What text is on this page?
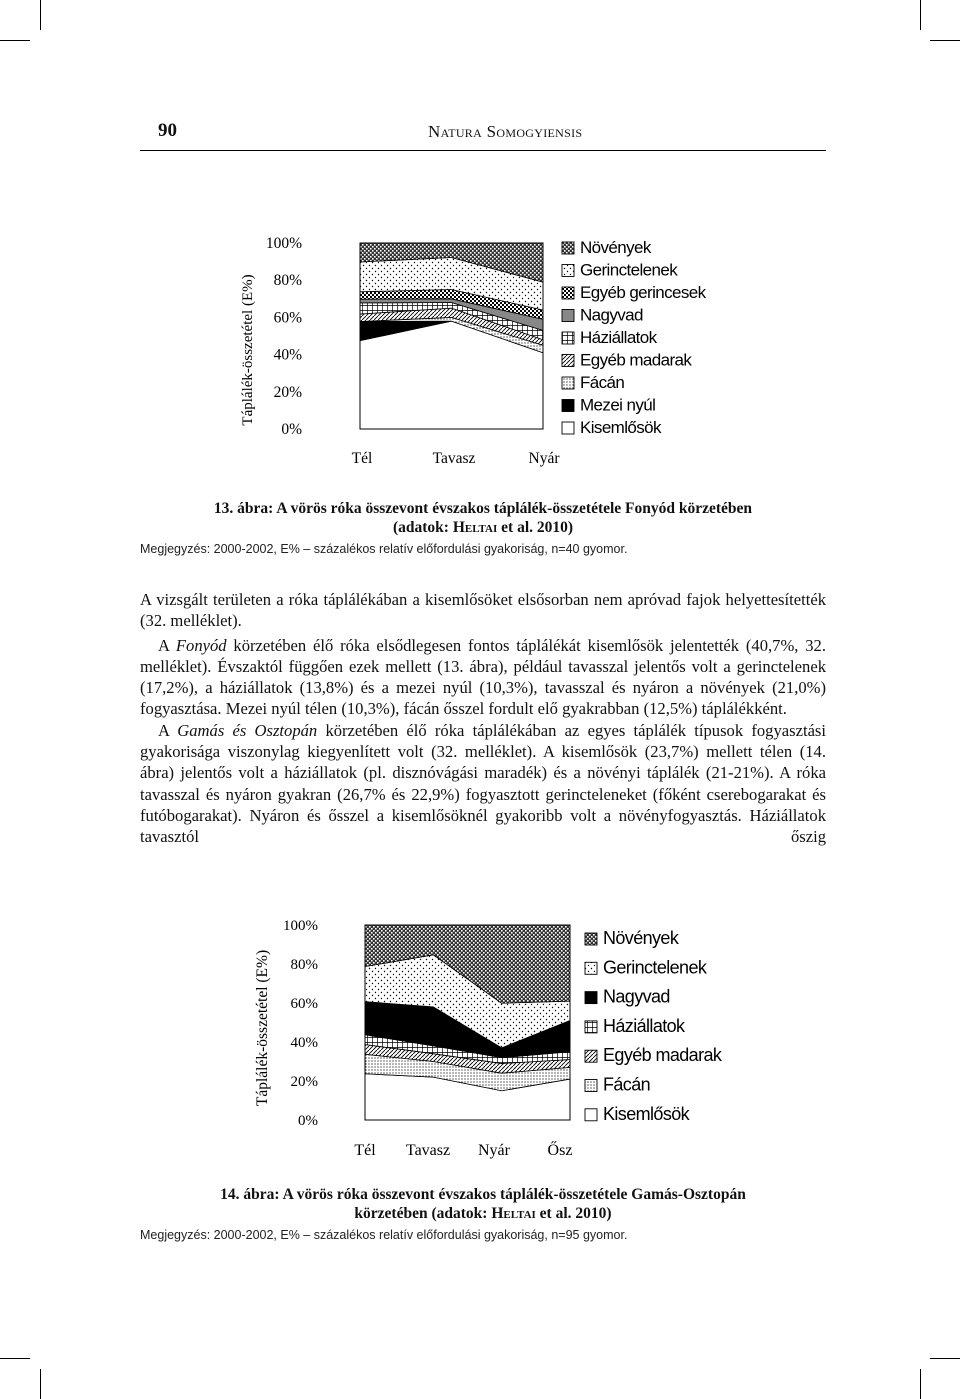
90	Natura Somogyiensis
Táplálék-összetétel (E%)
0%
20%
40%
60%
80%
100%
Tél	Tavasz	Nyár
Növények
Gerinctelenek
Egyéb gerincesek
Nagyvad
Háziállatok
Egyéb madarak
Fácán
Mezei nyúl
Kisemlősök
13. ábra: A vörös róka összevont évszakos táplálék-összetétele Fonyód körzetében
(adatok: Heltai et al. 2010)
Megjegyzés: 2000-2002, E% – százalékos relatív előfordulási gyakoriság, n=40 gyomor.

A vizsgált területen a róka táplálékában a kisemlősöket elsősorban nem apróvad fajok helyettesítették (32. melléklet).

A Fonyód körzetében élő róka elsődlegesen fontos táplálékát kisemlősök jelentették (40,7%, 32. melléklet). Évszaktól függően ezek mellett (13. ábra), például tavasszal jelentős volt a gerinctelenek (17,2%), a háziállatok (13,8%) és a mezei nyúl (10,3%), tavasszal és nyáron a növények (21,0%) fogyasztása. Mezei nyúl télen (10,3%), fácán ősszel fordult elő gyakrabban (12,5%) táplálékként.

A Gamás és Osztopán körzetében élő róka táplálékában az egyes táplálék típusok fogyasztási gyakorisága viszonylag kiegyenlített volt (32. melléklet). A kisemlősök (23,7%) mellett télen (14. ábra) jelentős volt a háziállatok (pl. disznóvágási maradék) és a növényi táplálék (21-21%). A róka tavasszal és nyáron gyakran (26,7% és 22,9%) fogyasztott gerincteleneket (főként cserebogarakat és futóbogarakat). Nyáron és ősszel a kisemlősöknél gyakoribb volt a növényfogyasztás. Háziállatok tavasztól őszig

Táplálék-összetétel (E%)
0%
20%
40%
60%
80%
100%
Tél Tavasz Nyár Ősz
Növények
Gerinctelenek
Nagyvad
Háziállatok
Egyéb madarak
Fácán
Kisemlősök
14. ábra: A vörös róka összevont évszakos táplálék-összetétele Gamás-Osztopán
körzetében (adatok: Heltai et al. 2010)
Megjegyzés: 2000-2002, E% – százalékos relatív előfordulási gyakoriság, n=95 gyomor.
